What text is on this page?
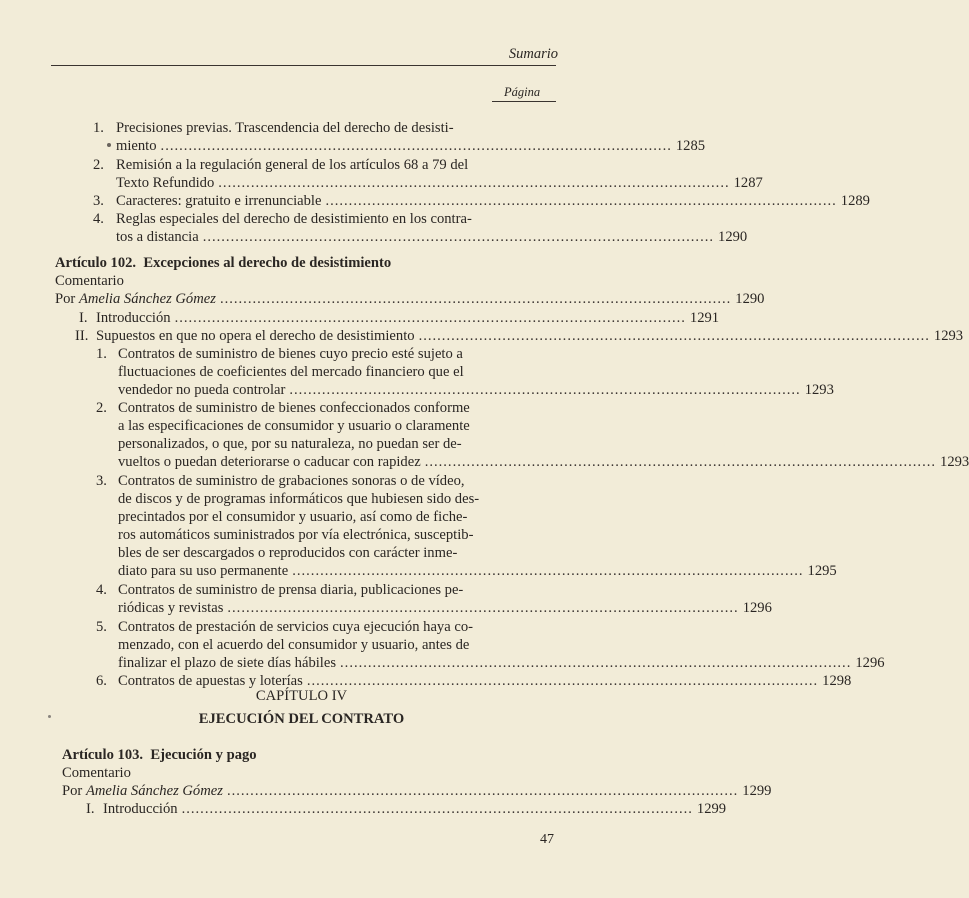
Sumario
Página
1. Precisiones previas. Trascendencia del derecho de desisti-
miento .............................................................................................................. 1285
2. Remisión a la regulación general de los artículos 68 a 79 del
Texto Refundido .............................................................................................................. 1287
3. Caracteres: gratuito e irrenunciable .............................................................................................................. 1289
4. Reglas especiales del derecho de desistimiento en los contra-
tos a distancia .............................................................................................................. 1290
Artículo 102. Excepciones al derecho de desistimiento
Comentario
Por Amelia Sánchez Gómez .............................................................................................................. 1290
I. Introducción .............................................................................................................. 1291
II. Supuestos en que no opera el derecho de desistimiento .............................................................................................................. 1293
1. Contratos de suministro de bienes cuyo precio esté sujeto a
fluctuaciones de coeficientes del mercado financiero que el
vendedor no pueda controlar .............................................................................................................. 1293
2. Contratos de suministro de bienes confeccionados conforme
a las especificaciones de consumidor y usuario o claramente
personalizados, o que, por su naturaleza, no puedan ser de-
vueltos o puedan deteriorarse o caducar con rapidez .............................................................................................................. 1293
3. Contratos de suministro de grabaciones sonoras o de vídeo,
de discos y de programas informáticos que hubiesen sido des-
precintados por el consumidor y usuario, así como de fiche-
ros automáticos suministrados por vía electrónica, susceptib-
bles de ser descargados o reproducidos con carácter inme-
diato para su uso permanente .............................................................................................................. 1295
4. Contratos de suministro de prensa diaria, publicaciones pe-
riódicas y revistas .............................................................................................................. 1296
5. Contratos de prestación de servicios cuya ejecución haya co-
menzado, con el acuerdo del consumidor y usuario, antes de
finalizar el plazo de siete días hábiles .............................................................................................................. 1296
6. Contratos de apuestas y loterías .............................................................................................................. 1298
CAPÍTULO IV
EJECUCIÓN DEL CONTRATO
Artículo 103. Ejecución y pago
Comentario
Por Amelia Sánchez Gómez .............................................................................................................. 1299
I. Introducción .............................................................................................................. 1299
47
